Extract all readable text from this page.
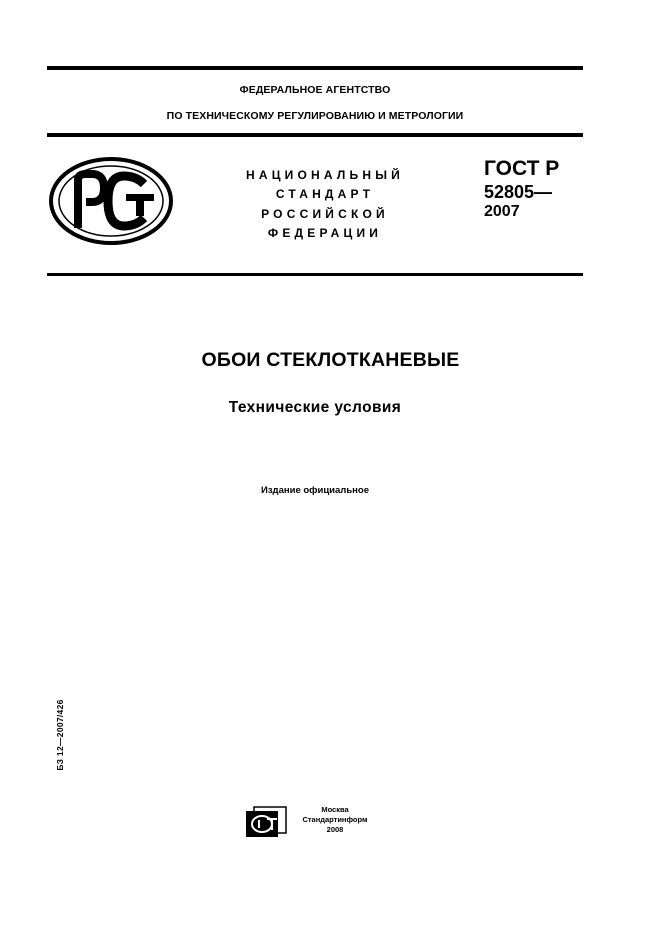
ФЕДЕРАЛЬНОЕ АГЕНТСТВО
ПО ТЕХНИЧЕСКОМУ РЕГУЛИРОВАНИЮ И МЕТРОЛОГИИ
НАЦИОНАЛЬНЫЙ
СТАНДАРТ
РОССИЙСКОЙ
ФЕДЕРАЦИИ
ГОСТ Р
52805—
2007
ОБОИ СТЕКЛОТКАНЕВЫЕ
Технические условия
Издание официальное
БЗ 12—2007/426
Москва
Стандартинформ
2008
